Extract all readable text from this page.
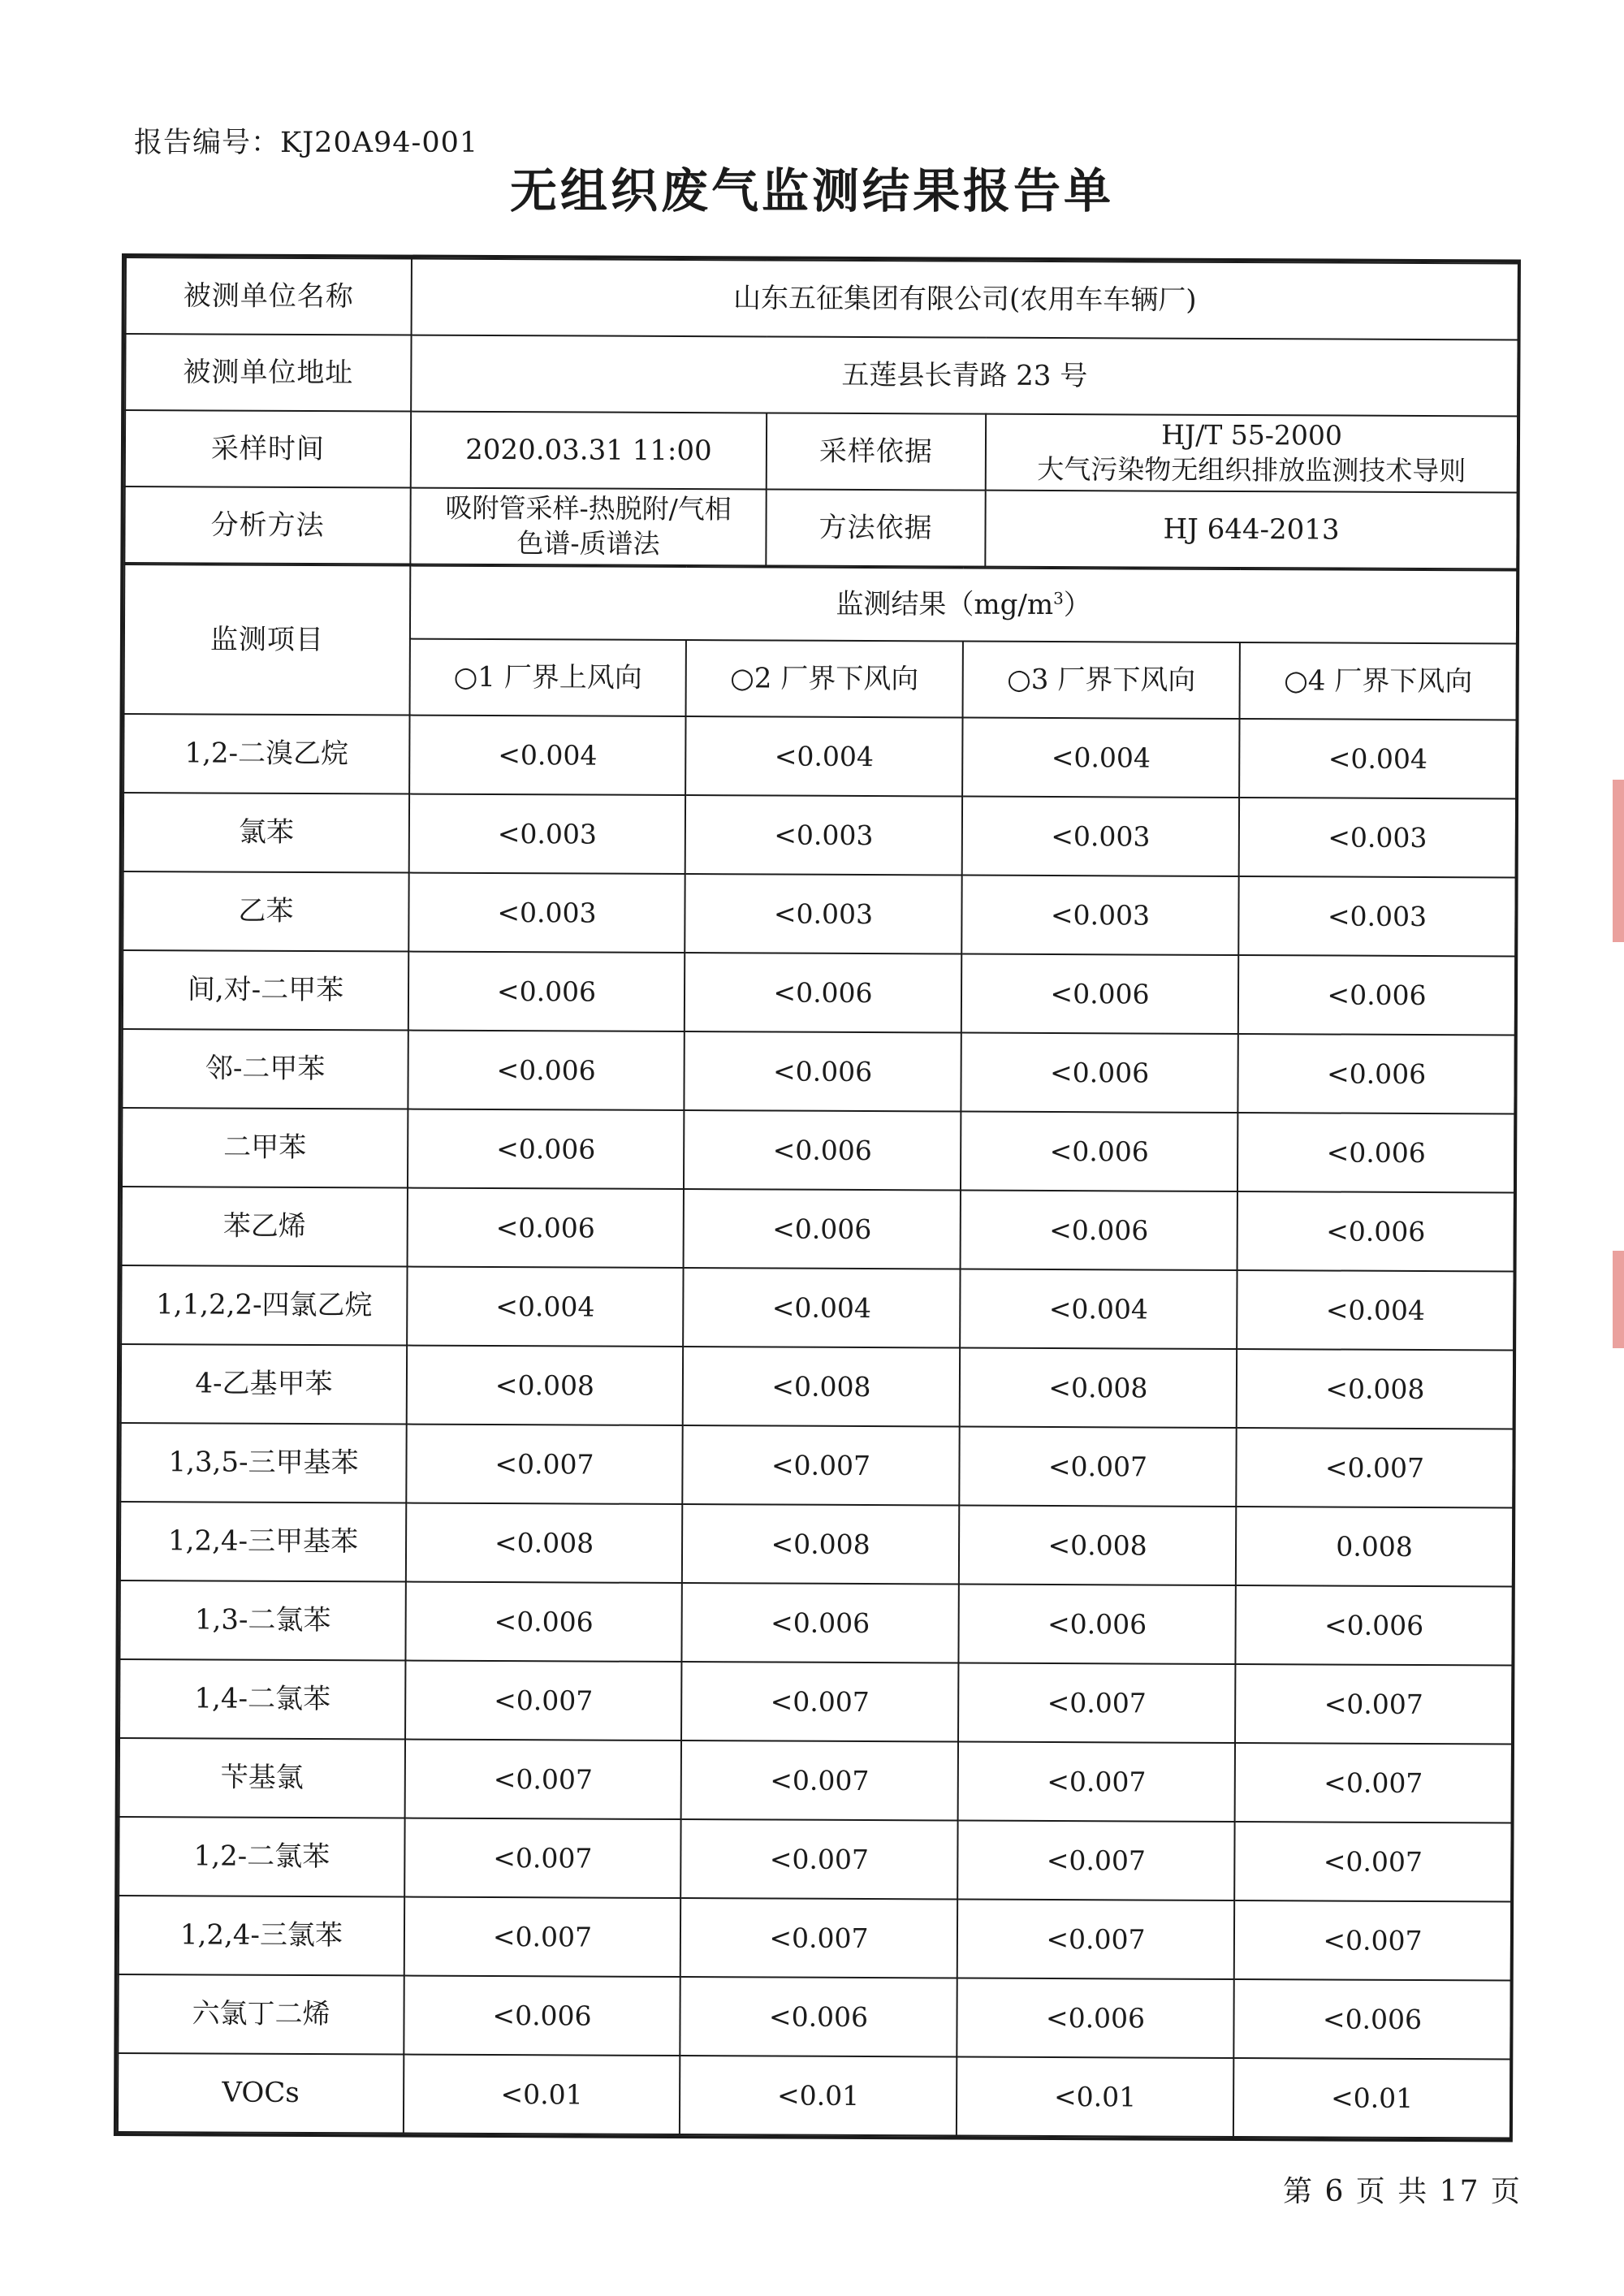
报告编号：KJ20A94-001
无组织废气监测结果报告单
被测单位名称	山东五征集团有限公司(农用车车辆厂)		
被测单位地址	五莲县长青路 23 号		
采样时间	2020.03.31 11:00	采样依据	HJ/T 55-2000
大气污染物无组织排放监测技术导则

分析方法	吸附管采样-热脱附/气相
色谱-质谱法	方法依据	HJ 644-2013
监测项目	监测结果$(mg/m^3)$			
	○1 厂界上风向	○2 厂界下风向	○3 厂界下风向	○4 厂界下风向
1,2-二溴乙烷	<0.004	<0.004	<0.004	<0.004
氯苯	<0.003	<0.003	<0.003	<0.003
乙苯	<0.003	<0.003	<0.003	<0.003
间,对-二甲苯	<0.006	<0.006	<0.006	<0.006
邻-二甲苯	<0.006	<0.006	<0.006	<0.006
二甲苯	<0.006	<0.006	<0.006	<0.006
苯乙烯	<0.006	<0.006	<0.006	<0.006
1,1,2,2-四氯乙烷	<0.004	<0.004	<0.004	<0.004
4-乙基甲苯	<0.008	<0.008	<0.008	<0.008
1,3,5-三甲基苯	<0.007	<0.007	<0.007	<0.007
1,2,4-三甲基苯	<0.008	<0.008	<0.008	0.008
1,3-二氯苯	<0.006	<0.006	<0.006	<0.006
1,4-二氯苯	<0.007	<0.007	<0.007	<0.007
苄基氯	<0.007	<0.007	<0.007	<0.007
1,2-二氯苯	<0.007	<0.007	<0.007	<0.007
1,2,4-三氯苯	<0.007	<0.007	<0.007	<0.007
六氯丁二烯	<0.006	<0.006	<0.006	<0.006
VOCs	<0.01	<0.01	<0.01	<0.01
第 6 页 共 17 页
